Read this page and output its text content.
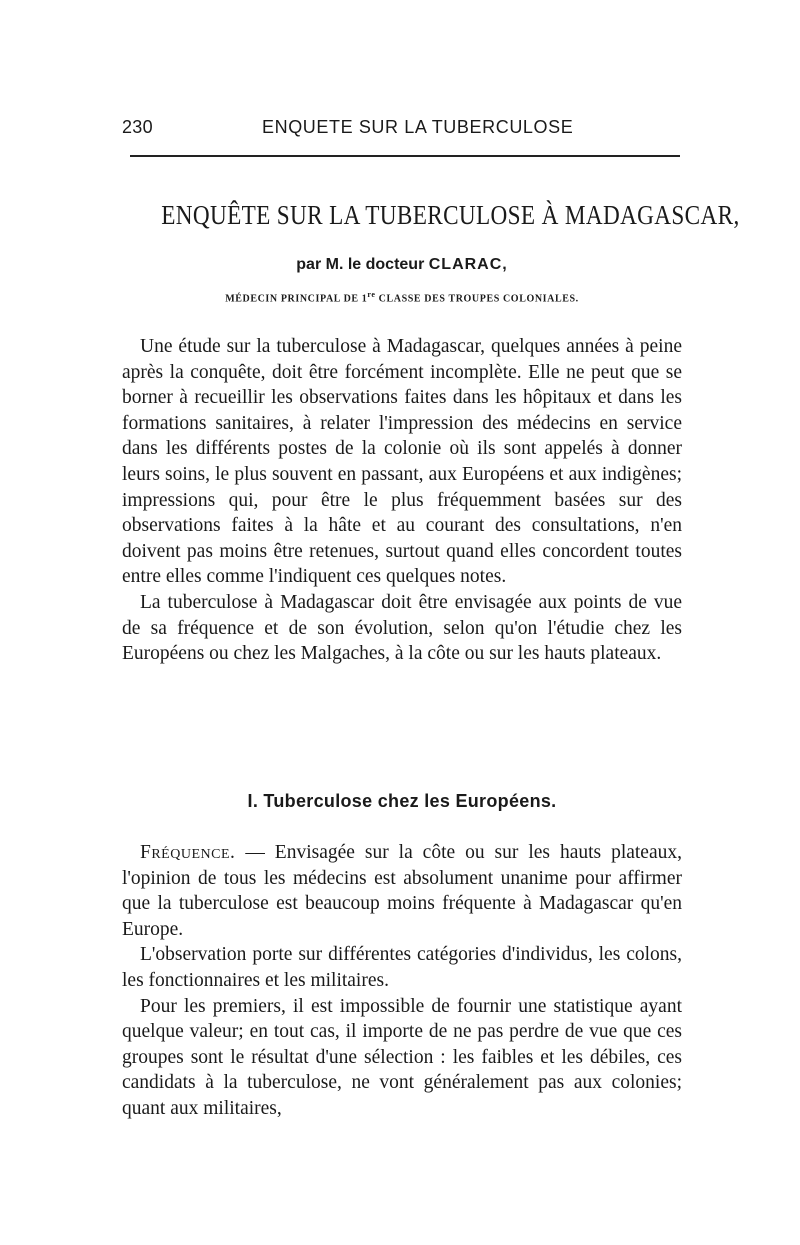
230	ENQUETE SUR LA TUBERCULOSE
ENQUÊTE SUR LA TUBERCULOSE À MADAGASCAR,
par M. le docteur CLARAC,
MÉDECIN PRINCIPAL DE 1re CLASSE DES TROUPES COLONIALES.

Une étude sur la tuberculose à Madagascar, quelques années à peine après la conquête, doit être forcément incomplète. Elle ne peut que se borner à recueillir les observations faites dans les hôpitaux et dans les formations sanitaires, à relater l'impression des médecins en service dans les différents postes de la colonie où ils sont appelés à donner leurs soins, le plus souvent en passant, aux Européens et aux indigènes; impressions qui, pour être le plus fréquemment basées sur des observations faites à la hâte et au courant des consultations, n'en doivent pas moins être retenues, surtout quand elles concordent toutes entre elles comme l'indiquent ces quelques notes.

La tuberculose à Madagascar doit être envisagée aux points de vue de sa fréquence et de son évolution, selon qu'on l'étudie chez les Européens ou chez les Malgaches, à la côte ou sur les hauts plateaux.

I. Tuberculose chez les Européens.

Fréquence. — Envisagée sur la côte ou sur les hauts plateaux, l'opinion de tous les médecins est absolument unanime pour affirmer que la tuberculose est beaucoup moins fréquente à Madagascar qu'en Europe.

L'observation porte sur différentes catégories d'individus, les colons, les fonctionnaires et les militaires.

Pour les premiers, il est impossible de fournir une statistique ayant quelque valeur; en tout cas, il importe de ne pas perdre de vue que ces groupes sont le résultat d'une sélection : les faibles et les débiles, ces candidats à la tuberculose, ne vont généralement pas aux colonies; quant aux militaires,
